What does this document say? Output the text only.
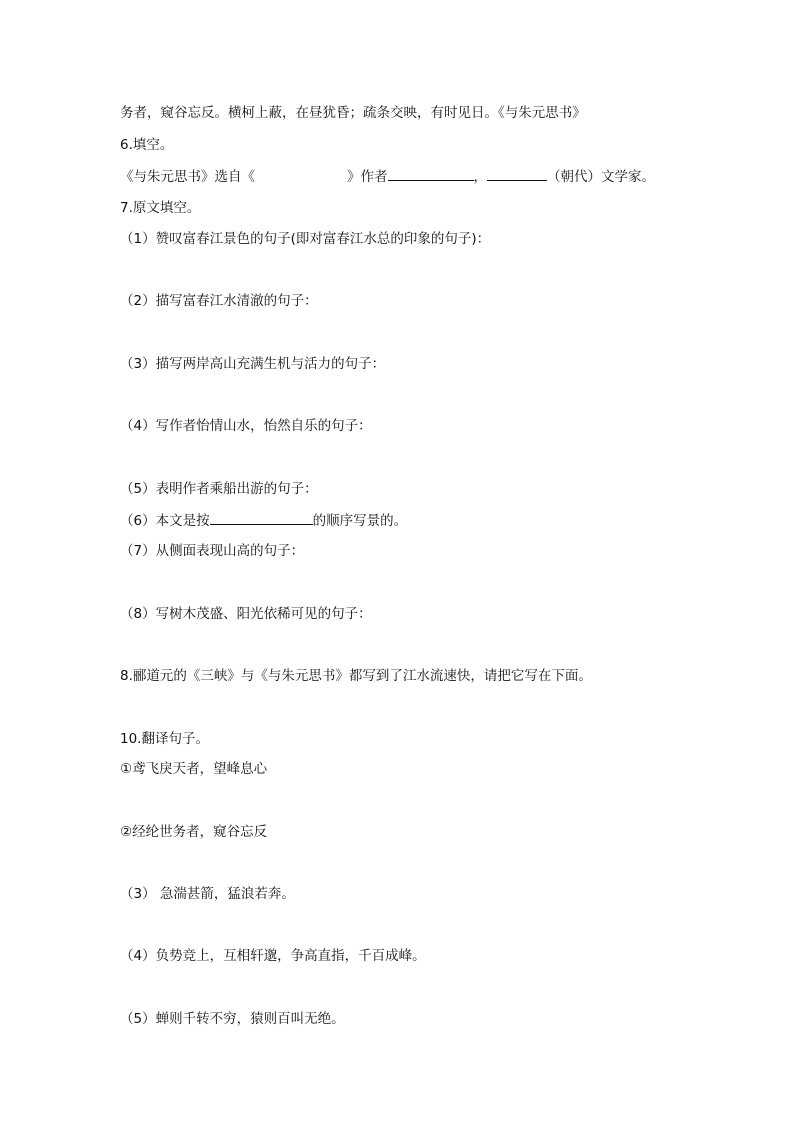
务者，窥谷忘反。横柯上蔽，在昼犹昏；疏条交映，有时见日。《与朱元思书》
6.填空。
《与朱元思书》选自《	》作者	，	（朝代）文学家。
7.原文填空。
（1）赞叹富春江景色的句子(即对富春江水总的印象的句子)：
（2）描写富春江水清澈的句子：
（3）描写两岸高山充满生机与活力的句子：
（4）写作者怡情山水，怡然自乐的句子：
（5）表明作者乘船出游的句子：
（6）本文是按	的顺序写景的。
（7）从侧面表现山高的句子：
（8）写树木茂盛、阳光依稀可见的句子：
8.郦道元的《三峡》与《与朱元思书》都写到了江水流速快，请把它写在下面。
10.翻译句子。
①鸢飞戾天者，望峰息心
②经纶世务者，窥谷忘反
（3） 急湍甚箭，猛浪若奔。
（4）负势竞上，互相轩邈，争高直指，千百成峰。
（5）蝉则千转不穷，猿则百叫无绝。
